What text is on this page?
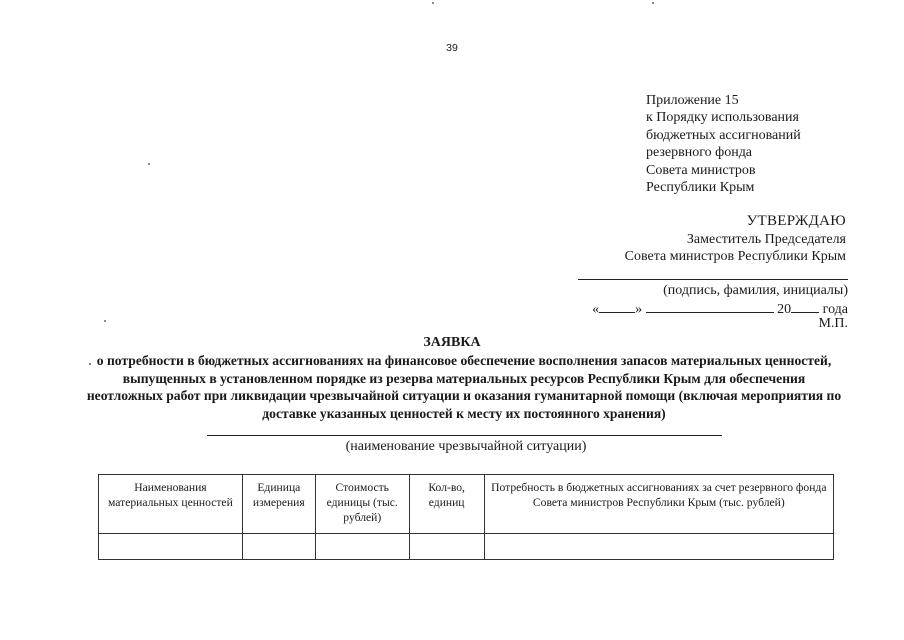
39
Приложение 15
к Порядку использования
бюджетных ассигнований
резервного фонда
Совета министров
Республики Крым
УТВЕРЖДАЮ
Заместитель Председателя
Совета министров Республики Крым
(подпись, фамилия, инициалы)
«	»	20 года
М.П.
ЗАЯВКА
о потребности в бюджетных ассигнованиях на финансовое обеспечение восполнения запасов материальных ценностей, выпущенных в установленном порядке из резерва материальных ресурсов Республики Крым для обеспечения неотложных работ при ликвидации чрезвычайной ситуации и оказания гуманитарной помощи (включая мероприятия по доставке указанных ценностей к месту их постоянного хранения)
(наименование чрезвычайной ситуации)
Наименования материальных ценностей	Единица измерения	Стоимость единицы (тыс. рублей)	Кол-во, единиц	Потребность в бюджетных ассигнованиях за счет резервного фонда Совета министров Республики Крым (тыс. рублей)
